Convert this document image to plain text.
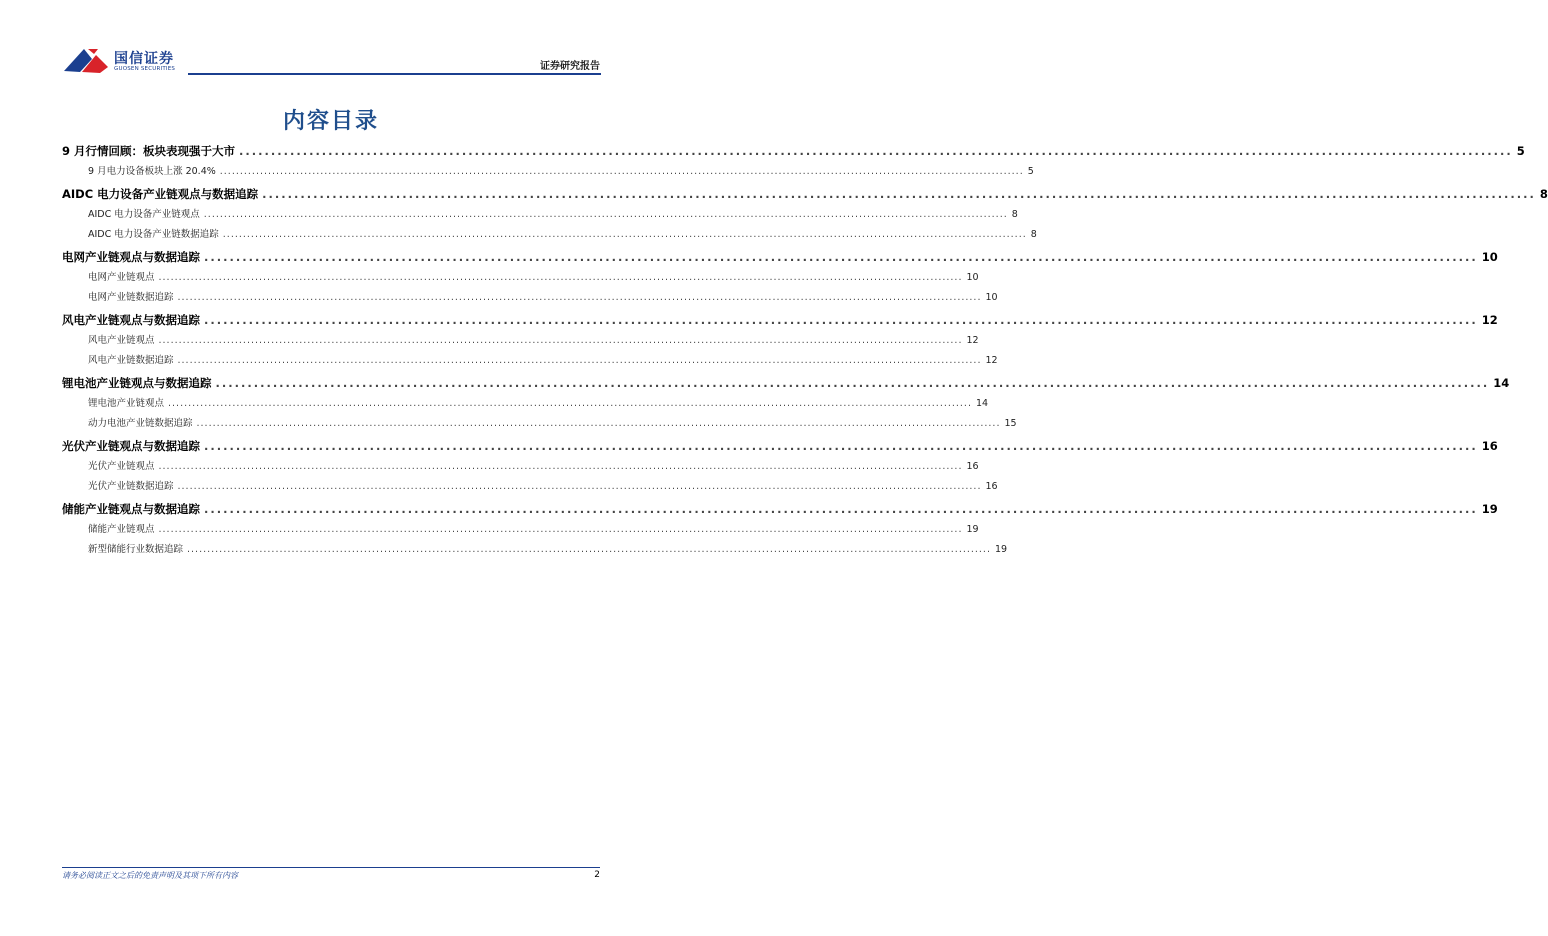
国信证券
GUOSEN SECURITIES	证券研究报告
内容目录
9 月行情回顾：板块表现强于大市 ........................................................................................................................................................................................................ 5
9 月电力设备板块上涨 20.4% ........................................................................................................................................................................................................ 5
AIDC 电力设备产业链观点与数据追踪 ........................................................................................................................................................................................................ 8
AIDC 电力设备产业链观点 ........................................................................................................................................................................................................ 8
AIDC 电力设备产业链数据追踪 ........................................................................................................................................................................................................ 8
电网产业链观点与数据追踪 ........................................................................................................................................................................................................ 10
电网产业链观点 ........................................................................................................................................................................................................ 10
电网产业链数据追踪 ........................................................................................................................................................................................................ 10
风电产业链观点与数据追踪 ........................................................................................................................................................................................................ 12
风电产业链观点 ........................................................................................................................................................................................................ 12
风电产业链数据追踪 ........................................................................................................................................................................................................ 12
锂电池产业链观点与数据追踪 ........................................................................................................................................................................................................ 14
锂电池产业链观点 ........................................................................................................................................................................................................ 14
动力电池产业链数据追踪 ........................................................................................................................................................................................................ 15
光伏产业链观点与数据追踪 ........................................................................................................................................................................................................ 16
光伏产业链观点 ........................................................................................................................................................................................................ 16
光伏产业链数据追踪 ........................................................................................................................................................................................................ 16
储能产业链观点与数据追踪 ........................................................................................................................................................................................................ 19
储能产业链观点 ........................................................................................................................................................................................................ 19
新型储能行业数据追踪 ........................................................................................................................................................................................................ 19
请务必阅读正文之后的免责声明及其项下所有内容	2
